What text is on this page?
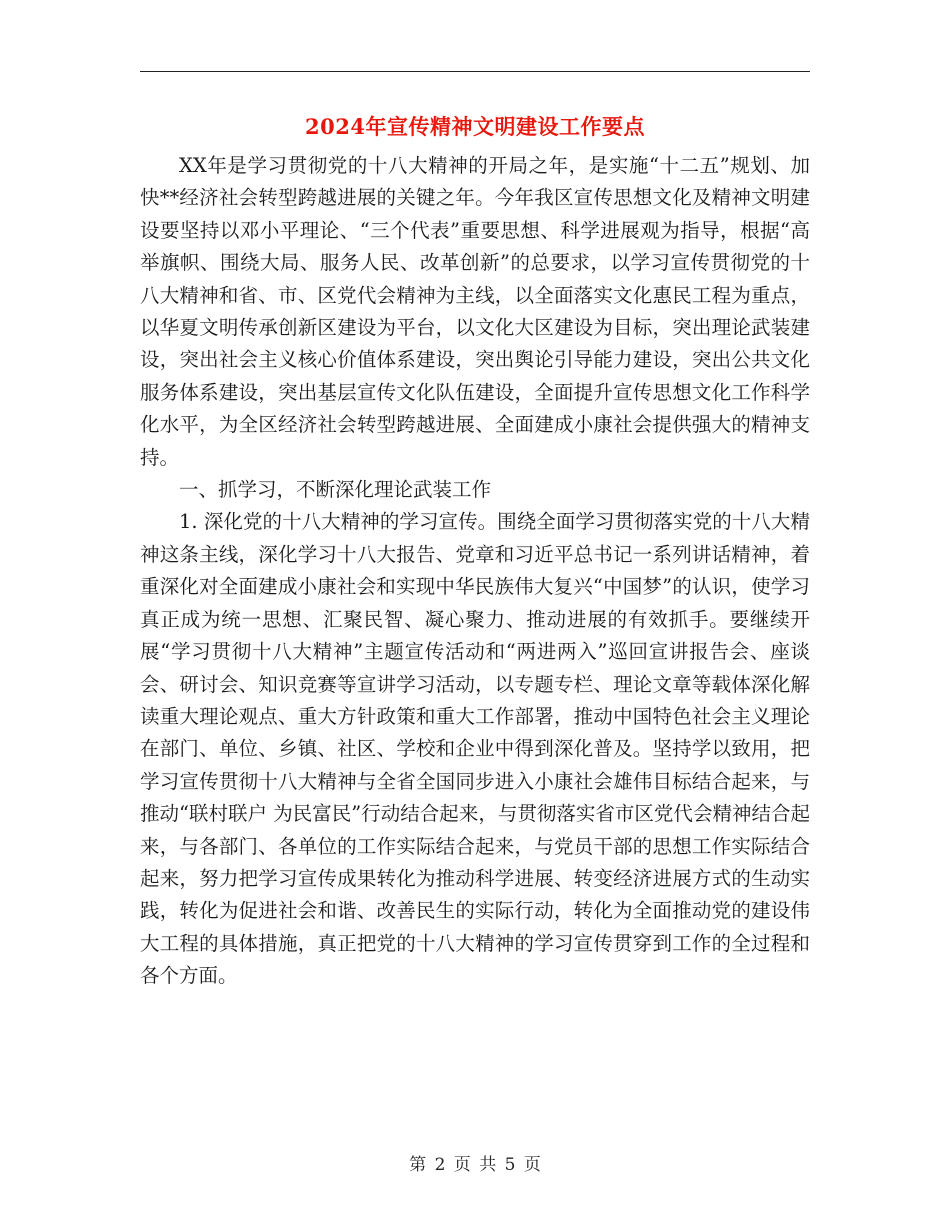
2024年宣传精神文明建设工作要点

XX年是学习贯彻党的十八大精神的开局之年，是实施“十二五”规划、加快**经济社会转型跨越进展的关键之年。今年我区宣传思想文化及精神文明建设要坚持以邓小平理论、“三个代表”重要思想、科学进展观为指导，根据“高举旗帜、围绕大局、服务人民、改革创新”的总要求，以学习宣传贯彻党的十八大精神和省、市、区党代会精神为主线，以全面落实文化惠民工程为重点，以华夏文明传承创新区建设为平台，以文化大区建设为目标，突出理论武装建设，突出社会主义核心价值体系建设，突出舆论引导能力建设，突出公共文化服务体系建设，突出基层宣传文化队伍建设，全面提升宣传思想文化工作科学化水平，为全区经济社会转型跨越进展、全面建成小康社会提供强大的精神支持。

一、抓学习，不断深化理论武装工作

1. 深化党的十八大精神的学习宣传。围绕全面学习贯彻落实党的十八大精神这条主线，深化学习十八大报告、党章和习近平总书记一系列讲话精神，着重深化对全面建成小康社会和实现中华民族伟大复兴“中国梦”的认识，使学习真正成为统一思想、汇聚民智、凝心聚力、推动进展的有效抓手。要继续开展“学习贯彻十八大精神”主题宣传活动和“两进两入”巡回宣讲报告会、座谈会、研讨会、知识竞赛等宣讲学习活动，以专题专栏、理论文章等载体深化解读重大理论观点、重大方针政策和重大工作部署，推动中国特色社会主义理论在部门、单位、乡镇、社区、学校和企业中得到深化普及。坚持学以致用，把学习宣传贯彻十八大精神与全省全国同步进入小康社会雄伟目标结合起来，与推动“联村联户 为民富民”行动结合起来，与贯彻落实省市区党代会精神结合起来，与各部门、各单位的工作实际结合起来，与党员干部的思想工作实际结合起来，努力把学习宣传成果转化为推动科学进展、转变经济进展方式的生动实践，转化为促进社会和谐、改善民生的实际行动，转化为全面推动党的建设伟大工程的具体措施，真正把党的十八大精神的学习宣传贯穿到工作的全过程和各个方面。

第 2 页 共 5 页
